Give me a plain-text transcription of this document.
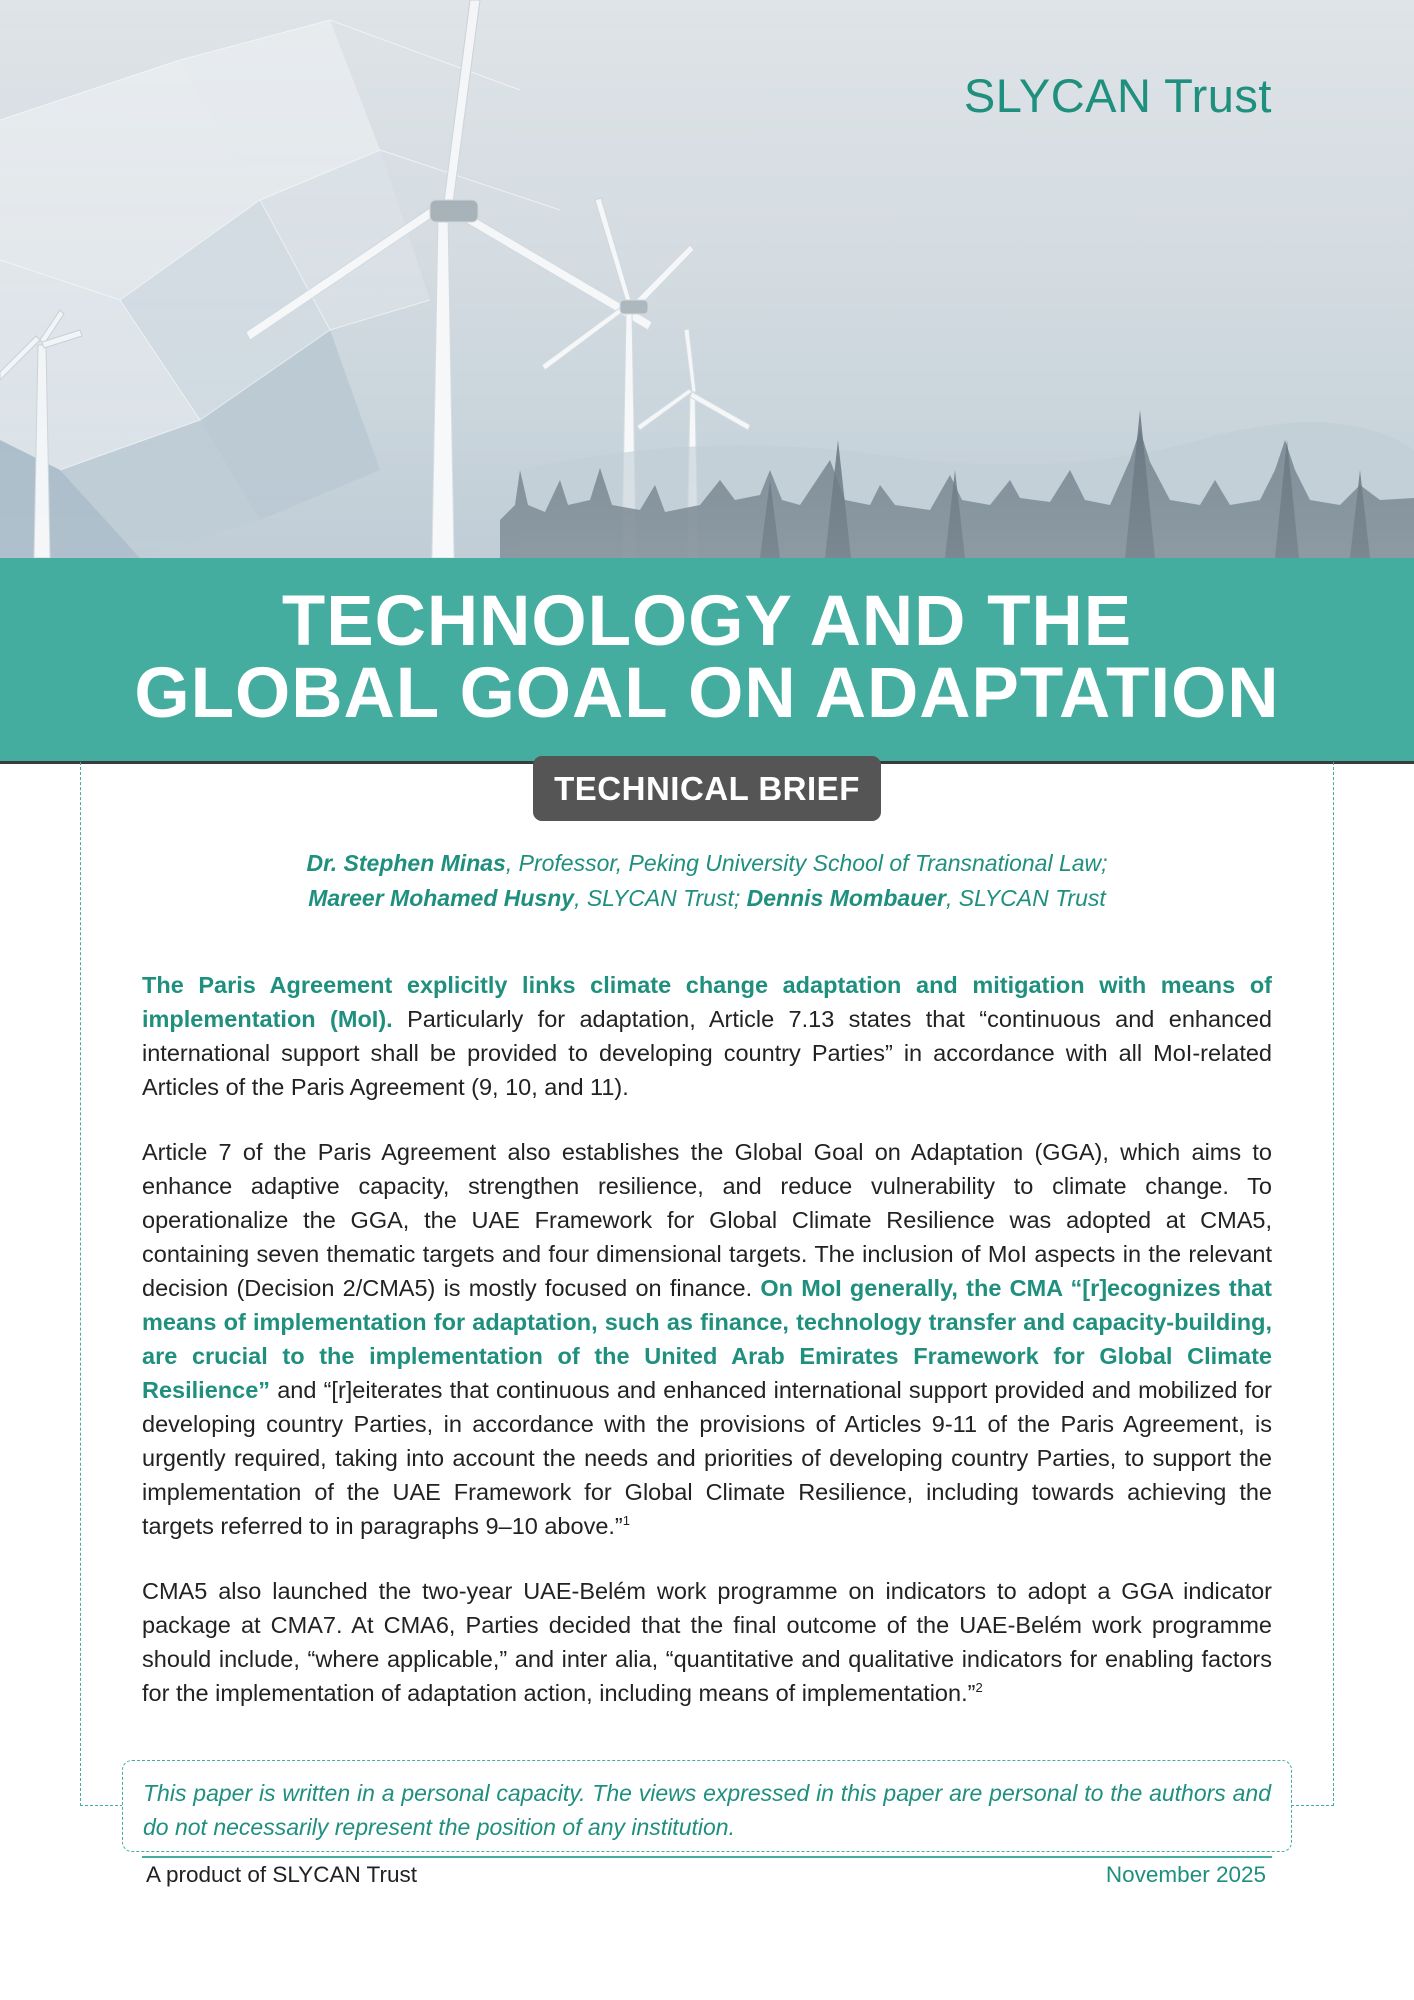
SLYCAN Trust
TECHNOLOGY AND THE
GLOBAL GOAL ON ADAPTATION
TECHNICAL BRIEF
Dr. Stephen Minas, Professor, Peking University School of Transnational Law;
Mareer Mohamed Husny, SLYCAN Trust; Dennis Mombauer, SLYCAN Trust

The Paris Agreement explicitly links climate change adaptation and mitigation with means of implementation (MoI). Particularly for adaptation, Article 7.13 states that “continuous and enhanced international support shall be provided to developing country Parties” in accordance with all MoI-related Articles of the Paris Agreement (9, 10, and 11).

Article 7 of the Paris Agreement also establishes the Global Goal on Adaptation (GGA), which aims to enhance adaptive capacity, strengthen resilience, and reduce vulnerability to climate change. To operationalize the GGA, the UAE Framework for Global Climate Resilience was adopted at CMA5, containing seven thematic targets and four dimensional targets. The inclusion of MoI aspects in the relevant decision (Decision 2/CMA5) is mostly focused on finance. On MoI generally, the CMA “[r]ecognizes that means of implementation for adaptation, such as finance, technology transfer and capacity-building, are crucial to the implementation of the United Arab Emirates Framework for Global Climate Resilience” and “[r]eiterates that continuous and enhanced international support provided and mobilized for developing country Parties, in accordance with the provisions of Articles 9-11 of the Paris Agreement, is urgently required, taking into account the needs and priorities of developing country Parties, to support the implementation of the UAE Framework for Global Climate Resilience, including towards achieving the targets referred to in paragraphs 9–10 above.”$^1$

CMA5 also launched the two-year UAE-Belém work programme on indicators to adopt a GGA indicator package at CMA7. At CMA6, Parties decided that the final outcome of the UAE-Belém work programme should include, “where applicable,” and inter alia, “quantitative and qualitative indicators for enabling factors for the implementation of adaptation action, including means of implementation.”$^2$

This paper is written in a personal capacity. The views expressed in this paper are personal to the authors and do not necessarily represent the position of any institution.
A product of SLYCAN Trust	November 2025
